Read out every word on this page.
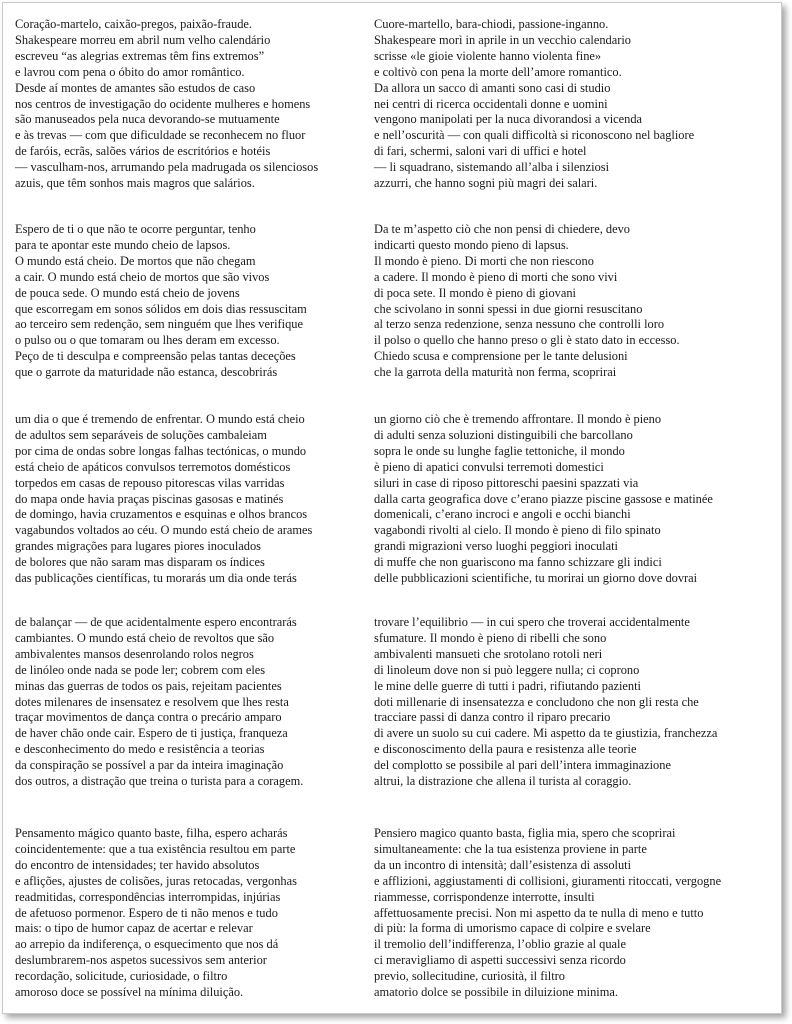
Coração-martelo, caixão-pregos, paixão-fraude.
Shakespeare morreu em abril num velho calendário
escreveu “as alegrias extremas têm fins extremos”
e lavrou com pena o óbito do amor romântico.
Desde aí montes de amantes são estudos de caso
nos centros de investigação do ocidente mulheres e homens
são manuseados pela nuca devorando-se mutuamente
e às trevas — com que dificuldade se reconhecem no fluor
de faróis, ecrãs, salões vários de escritórios e hotéis
— vasculham-nos, arrumando pela madrugada os silenciosos
azuis, que têm sonhos mais magros que salários.
Espero de ti o que não te ocorre perguntar, tenho
para te apontar este mundo cheio de lapsos.
O mundo está cheio. De mortos que não chegam
a cair. O mundo está cheio de mortos que são vivos
de pouca sede. O mundo está cheio de jovens
que escorregam em sonos sólidos em dois dias ressuscitam
ao terceiro sem redenção, sem ninguém que lhes verifique
o pulso ou o que tomaram ou lhes deram em excesso.
Peço de ti desculpa e compreensão pelas tantas deceções
que o garrote da maturidade não estanca, descobrirás
um dia o que é tremendo de enfrentar. O mundo está cheio
de adultos sem separáveis de soluções cambaleiam
por cima de ondas sobre longas falhas tectónicas, o mundo
está cheio de apáticos convulsos terremotos domésticos
torpedos em casas de repouso pitorescas vilas varridas
do mapa onde havia praças piscinas gasosas e matinés
de domingo, havia cruzamentos e esquinas e olhos brancos
vagabundos voltados ao céu. O mundo está cheio de arames
grandes migrações para lugares piores inoculados
de bolores que não saram mas disparam os índices
das publicações científicas, tu morarás um dia onde terás
de balançar — de que acidentalmente espero encontrarás
cambiantes. O mundo está cheio de revoltos que são
ambivalentes mansos desenrolando rolos negros
de linóleo onde nada se pode ler; cobrem com eles
minas das guerras de todos os pais, rejeitam pacientes
dotes milenares de insensatez e resolvem que lhes resta
traçar movimentos de dança contra o precário amparo
de haver chão onde cair. Espero de ti justiça, franqueza
e desconhecimento do medo e resistência a teorias
da conspiração se possível a par da inteira imaginação
dos outros, a distração que treina o turista para a coragem.
Pensamento mágico quanto baste, filha, espero acharás
coincidentemente: que a tua existência resultou em parte
do encontro de intensidades; ter havido absolutos
e aflições, ajustes de colisões, juras retocadas, vergonhas
readmitidas, correspondências interrompidas, injúrias
de afetuoso pormenor. Espero de ti não menos e tudo
mais: o tipo de humor capaz de acertar e relevar
ao arrepio da indiferença, o esquecimento que nos dá
deslumbrarem-nos aspetos sucessivos sem anterior
recordação, solicitude, curiosidade, o filtro
amoroso doce se possível na mínima diluição.
Cuore-martello, bara-chiodi, passione-inganno.
Shakespeare morì in aprile in un vecchio calendario
scrisse «le gioie violente hanno violenta fine»
e coltivò con pena la morte dell’amore romantico.
Da allora un sacco di amanti sono casi di studio
nei centri di ricerca occidentali donne e uomini
vengono manipolati per la nuca divorandosi a vicenda
e nell’oscurità — con quali difficoltà si riconoscono nel bagliore
di fari, schermi, saloni vari di uffici e hotel
— li squadrano, sistemando all’alba i silenziosi
azzurri, che hanno sogni più magri dei salari.
Da te m’aspetto ciò che non pensi di chiedere, devo
indicarti questo mondo pieno di lapsus.
Il mondo è pieno. Di morti che non riescono
a cadere. Il mondo è pieno di morti che sono vivi
di poca sete. Il mondo è pieno di giovani
che scivolano in sonni spessi in due giorni resuscitano
al terzo senza redenzione, senza nessuno che controlli loro
il polso o quello che hanno preso o gli è stato dato in eccesso.
Chiedo scusa e comprensione per le tante delusioni
che la garrota della maturità non ferma, scoprirai
un giorno ciò che è tremendo affrontare. Il mondo è pieno
di adulti senza soluzioni distinguibili che barcollano
sopra le onde su lunghe faglie tettoniche, il mondo
è pieno di apatici convulsi terremoti domestici
siluri in case di riposo pittoreschi paesini spazzati via
dalla carta geografica dove c’erano piazze piscine gassose e matinée
domenicali, c’erano incroci e angoli e occhi bianchi
vagabondi rivolti al cielo. Il mondo è pieno di filo spinato
grandi migrazioni verso luoghi peggiori inoculati
di muffe che non guariscono ma fanno schizzare gli indici
delle pubblicazioni scientifiche, tu morirai un giorno dove dovrai
trovare l’equilibrio — in cui spero che troverai accidentalmente
sfumature. Il mondo è pieno di ribelli che sono
ambivalenti mansueti che srotolano rotoli neri
di linoleum dove non si può leggere nulla; ci coprono
le mine delle guerre di tutti i padri, rifiutando pazienti
doti millenarie di insensatezza e concludono che non gli resta che
tracciare passi di danza contro il riparo precario
di avere un suolo su cui cadere. Mi aspetto da te giustizia, franchezza
e disconoscimento della paura e resistenza alle teorie
del complotto se possibile al pari dell’intera immaginazione
altrui, la distrazione che allena il turista al coraggio.
Pensiero magico quanto basta, figlia mia, spero che scoprirai
simultaneamente: che la tua esistenza proviene in parte
da un incontro di intensità; dall’esistenza di assoluti
e afflizioni, aggiustamenti di collisioni, giuramenti ritoccati, vergogne
riammesse, corrispondenze interrotte, insulti
affettuosamente precisi. Non mi aspetto da te nulla di meno e tutto
di più: la forma di umorismo capace di colpire e svelare
il tremolio dell’indifferenza, l’oblio grazie al quale
ci meravigliamo di aspetti successivi senza ricordo
previo, sollecitudine, curiosità, il filtro
amatorio dolce se possibile in diluizione minima.
